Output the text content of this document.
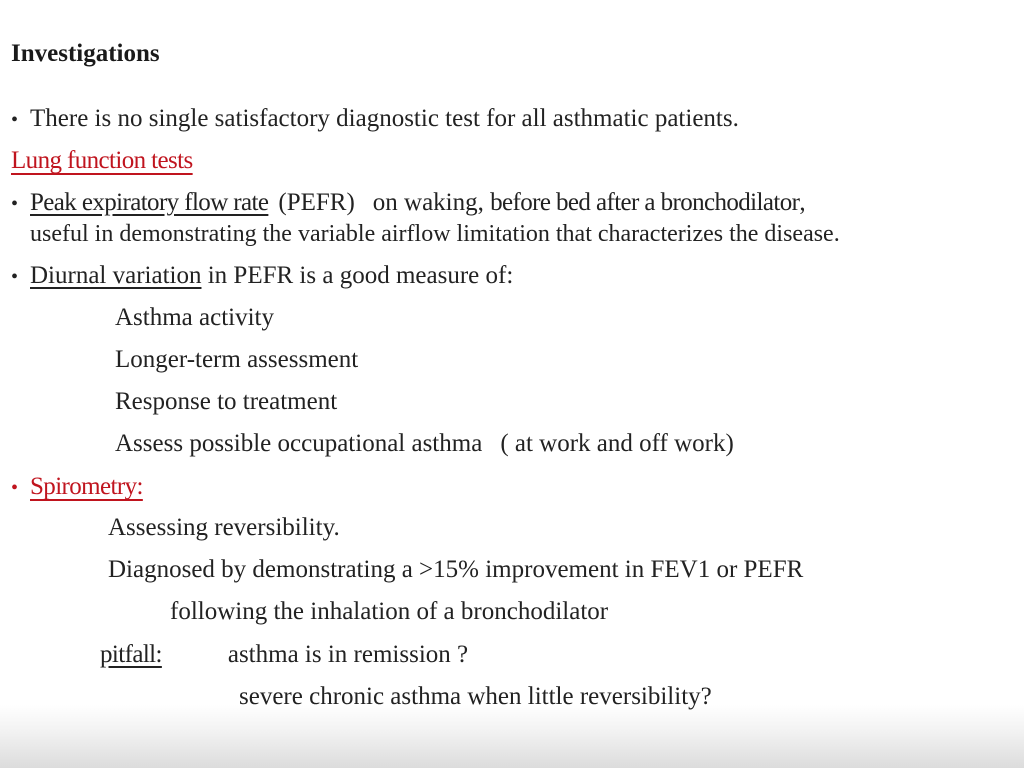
Investigations
• There is no single satisfactory diagnostic test for all asthmatic patients.
Lung function tests
• Peak expiratory flow rate (PEFR) on waking, before bed after a bronchodilator,
useful in demonstrating the variable airflow limitation that characterizes the disease.
• Diurnal variation in PEFR is a good measure of:
Asthma activity
Longer-term assessment
Response to treatment
Assess possible occupational asthma ( at work and off work)
• Spirometry:
Assessing reversibility.
Diagnosed by demonstrating a >15% improvement in FEV1 or PEFR
following the inhalation of a bronchodilator
pitfall:	asthma is in remission ?
severe chronic asthma when little reversibility?
